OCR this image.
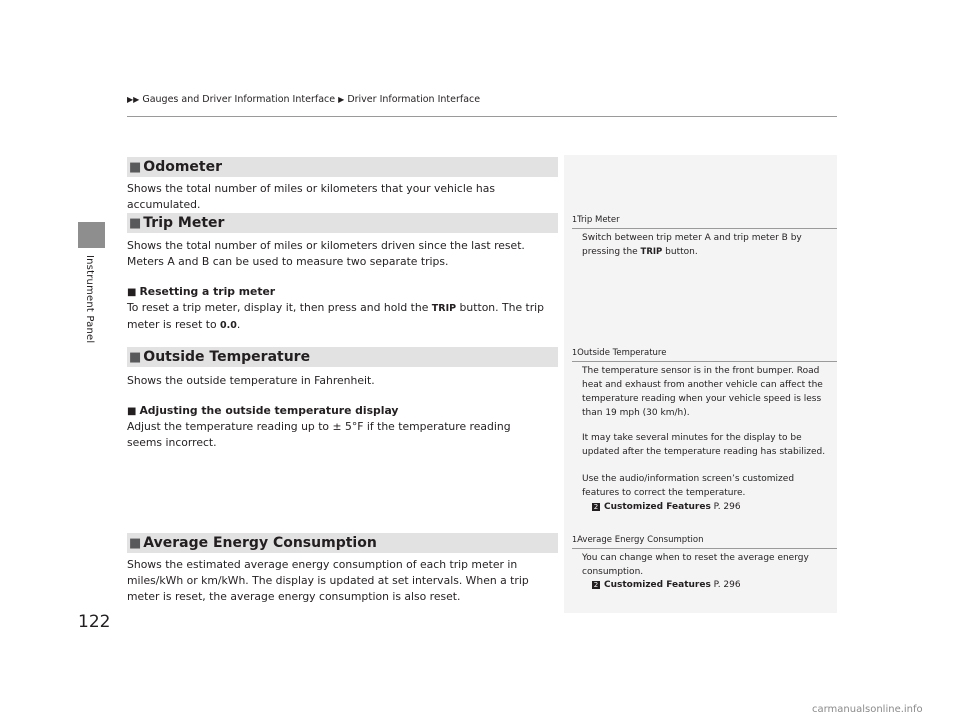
▶▶ Gauges and Driver Information Interface ▶ Driver Information Interface
Instrument Panel
122
■ Odometer
Shows the total number of miles or kilometers that your vehicle has accumulated.
■ Trip Meter
Shows the total number of miles or kilometers driven since the last reset. Meters A and B can be used to measure two separate trips.
■ Resetting a trip meter
To reset a trip meter, display it, then press and hold the TRIP button. The trip meter is reset to 0.0.
■ Outside Temperature
Shows the outside temperature in Fahrenheit.
■ Adjusting the outside temperature display
Adjust the temperature reading up to ± 5°F if the temperature reading seems incorrect.
■ Average Energy Consumption
Shows the estimated average energy consumption of each trip meter in miles/kWh or km/kWh. The display is updated at set intervals. When a trip meter is reset, the average energy consumption is also reset.
1Trip Meter
Switch between trip meter A and trip meter B by pressing the TRIP button.
1Outside Temperature
The temperature sensor is in the front bumper. Road heat and exhaust from another vehicle can affect the temperature reading when your vehicle speed is less than 19 mph (30 km/h).
It may take several minutes for the display to be updated after the temperature reading has stabilized.
Use the audio/information screen’s customized features to correct the temperature.
2 Customized Features P. 296
1Average Energy Consumption
You can change when to reset the average energy consumption.
2 Customized Features P. 296
carmanualsonline.info
